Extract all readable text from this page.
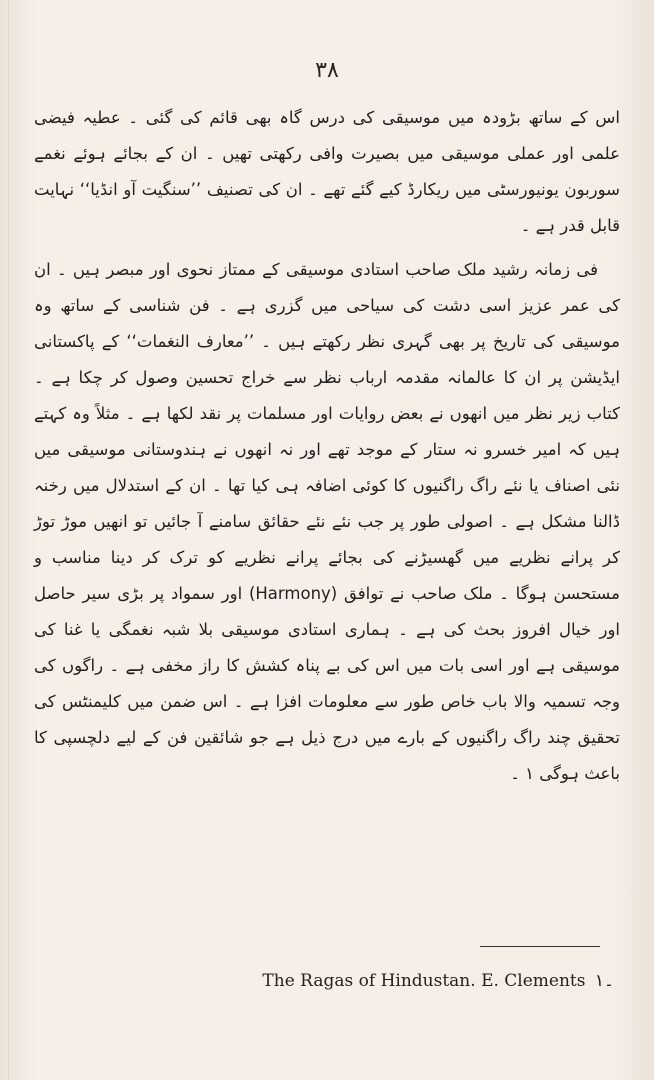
۳۸

اس کے ساتھ بڑودہ میں موسیقی کی درس گاہ بھی قائم کی گئی ۔ عطیہ فیضی علمی اور عملی موسیقی میں بصیرت وافی رکھتی تھیں ۔ ان کے بجائے ہوئے نغمے سوربون یونیورسٹی میں ریکارڈ کیے گئے تھے ۔ ان کی تصنیف ’’سنگیت آو انڈیا‘‘ نہایت قابل قدر ہے ۔

فی زمانہ رشید ملک صاحب استادی موسیقی کے ممتاز نحوی اور مبصر ہیں ۔ ان کی عمر عزیز اسی دشت کی سیاحی میں گزری ہے ۔ فن شناسی کے ساتھ وہ موسیقی کی تاریخ پر بھی گہری نظر رکھتے ہیں ۔ ’’معارف النغمات‘‘ کے پاکستانی ایڈیشن پر ان کا عالمانہ مقدمہ ارباب نظر سے خراج تحسین وصول کر چکا ہے ۔ کتاب زیر نظر میں انھوں نے بعض روایات اور مسلمات پر نقد لکھا ہے ۔ مثلاً وہ کہتے ہیں کہ امیر خسرو نہ ستار کے موجد تھے اور نہ انھوں نے ہندوستانی موسیقی میں نئی اصناف یا نئے راگ راگنیوں کا کوئی اضافہ ہی کیا تھا ۔ ان کے استدلال میں رخنہ ڈالنا مشکل ہے ۔ اصولی طور پر جب نئے نئے حقائق سامنے آ جائیں تو انھیں موڑ توڑ کر پرانے نظریے میں گھسیڑنے کی بجائے پرانے نظریے کو ترک کر دینا مناسب و مستحسن ہوگا ۔ ملک صاحب نے توافق (Harmony) اور سمواد پر بڑی سیر حاصل اور خیال افروز بحث کی ہے ۔ ہماری استادی موسیقی بلا شبہ نغمگی یا غنا کی موسیقی ہے اور اسی بات میں اس کی بے پناہ کشش کا راز مخفی ہے ۔ راگوں کی وجہ تسمیہ والا باب خاص طور سے معلومات افزا ہے ۔ اس ضمن میں کلیمنٹس کی تحقیق چند راگ راگنیوں کے بارے میں درج ذیل ہے جو شائقین فن کے لیے دلچسپی کا باعث ہوگی ۱ ۔

The Ragas of Hindustan. E. Clements ۔۱
